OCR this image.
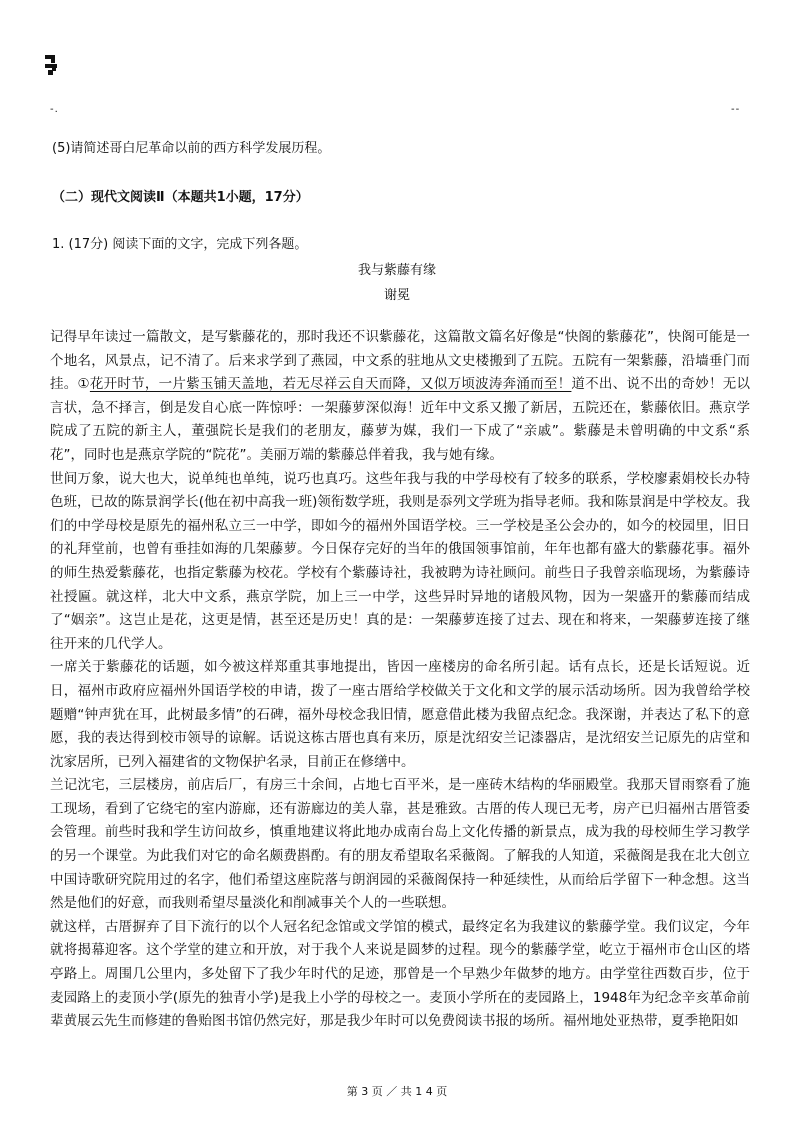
-.	--
(5)请简述哥白尼革命以前的西方科学发展历程。
（二）现代文阅读Ⅱ（本题共1小题，17分）
1. (17分) 阅读下面的文字，完成下列各题。
我与紫藤有缘
谢冕

记得早年读过一篇散文，是写紫藤花的，那时我还不识紫藤花，这篇散文篇名好像是“快阁的紫藤花”，快阁可能是一个地名，风景点，记不清了。后来求学到了燕园，中文系的驻地从文史楼搬到了五院。五院有一架紫藤，沿墙垂门而挂。①花开时节，一片紫玉铺天盖地，若无尽祥云自天而降，又似万顷波涛奔涌而至！道不出、说不出的奇妙！无以言状，急不择言，倒是发自心底一阵惊呼：一架藤萝深似海！近年中文系又搬了新居，五院还在，紫藤依旧。燕京学院成了五院的新主人，董强院长是我们的老朋友，藤萝为媒，我们一下成了“亲戚”。紫藤是未曾明确的中文系“系花”，同时也是燕京学院的“院花”。美丽万端的紫藤总伴着我，我与她有缘。

世间万象，说大也大，说单纯也单纯，说巧也真巧。这些年我与我的中学母校有了较多的联系，学校廖素娟校长办特色班，已故的陈景润学长(他在初中高我一班)领衔数学班，我则是忝列文学班为指导老师。我和陈景润是中学校友。我们的中学母校是原先的福州私立三一中学，即如今的福州外国语学校。三一学校是圣公会办的，如今的校园里，旧日的礼拜堂前，也曾有垂挂如海的几架藤萝。今日保存完好的当年的俄国领事馆前，年年也都有盛大的紫藤花事。福外的师生热爱紫藤花，也指定紫藤为校花。学校有个紫藤诗社，我被聘为诗社顾问。前些日子我曾亲临现场，为紫藤诗社授匾。就这样，北大中文系，燕京学院，加上三一中学，这些异时异地的诸般风物，因为一架盛开的紫藤而结成了“姻亲”。这岂止是花，这更是情，甚至还是历史！真的是：一架藤萝连接了过去、现在和将来，一架藤萝连接了继往开来的几代学人。

一席关于紫藤花的话题，如今被这样郑重其事地提出，皆因一座楼房的命名所引起。话有点长，还是长话短说。近日，福州市政府应福州外国语学校的申请，拨了一座古厝给学校做关于文化和文学的展示活动场所。因为我曾给学校题赠“钟声犹在耳，此树最多情”的石碑，福外母校念我旧情，愿意借此楼为我留点纪念。我深谢，并表达了私下的意愿，我的表达得到校市领导的谅解。话说这栋古厝也真有来历，原是沈绍安兰记漆器店，是沈绍安兰记原先的店堂和沈家居所，已列入福建省的文物保护名录，目前正在修缮中。

兰记沈宅，三层楼房，前店后厂，有房三十余间，占地七百平米，是一座砖木结构的华丽殿堂。我那天冒雨察看了施工现场，看到了它绕宅的室内游廊，还有游廊边的美人靠，甚是雅致。古厝的传人现已无考，房产已归福州古厝管委会管理。前些时我和学生访问故乡，慎重地建议将此地办成南台岛上文化传播的新景点，成为我的母校师生学习教学的另一个课堂。为此我们对它的命名颇费斟酌。有的朋友希望取名采薇阁。了解我的人知道，采薇阁是我在北大创立中国诗歌研究院用过的名字，他们希望这座院落与朗润园的采薇阁保持一种延续性，从而给后学留下一种念想。这当然是他们的好意，而我则希望尽量淡化和削减事关个人的一些联想。

就这样，古厝摒弃了目下流行的以个人冠名纪念馆或文学馆的模式，最终定名为我建议的紫藤学堂。我们议定，今年就将揭幕迎客。这个学堂的建立和开放，对于我个人来说是圆梦的过程。现今的紫藤学堂，屹立于福州市仓山区的塔亭路上。周围几公里内，多处留下了我少年时代的足迹，那曾是一个早熟少年做梦的地方。由学堂往西数百步，位于麦园路上的麦顶小学(原先的独青小学)是我上小学的母校之一。麦顶小学所在的麦园路上，1948年为纪念辛亥革命前辈黄展云先生而修建的鲁贻图书馆仍然完好，那是我少年时可以免费阅读书报的场所。福州地处亚热带，夏季艳阳如

第 3 页 ／ 共 1 4 页
